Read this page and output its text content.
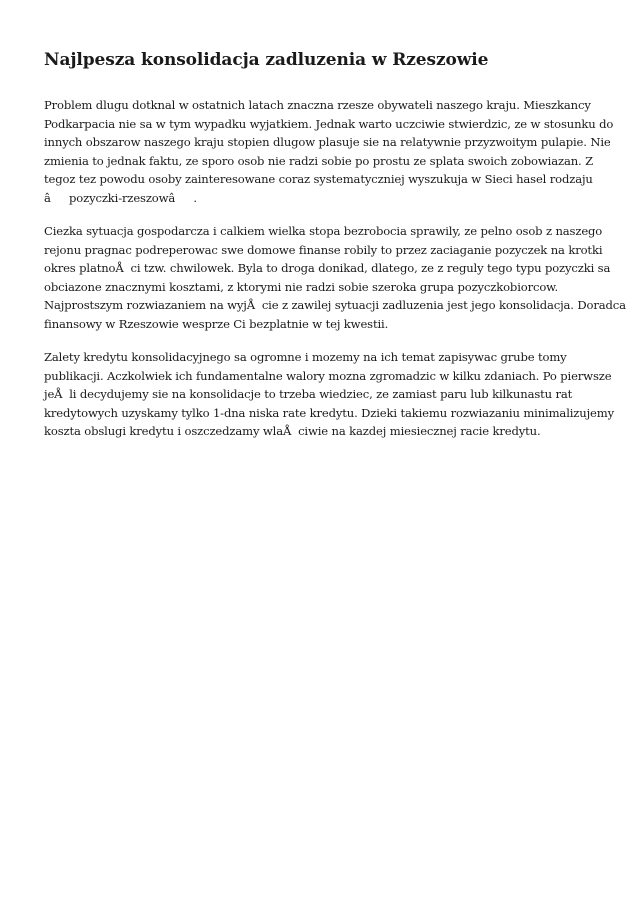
Najlpesza konsolidacja zadluzenia w Rzeszowie

Problem dlugu dotknal w ostatnich latach znaczna rzesze obywateli naszego kraju. Mieszkancy
Podkarpacia nie sa w tym wypadku wyjatkiem. Jednak warto uczciwie stwierdzic, ze w stosunku do
innych obszarow naszego kraju stopien dlugow plasuje sie na relatywnie przyzwoitym pulapie. Nie
zmienia to jednak faktu, ze sporo osob nie radzi sobie po prostu ze splata swoich zobowiazan. Z
tegoz tez powodu osoby zainteresowane coraz systematyczniej wyszukuja w Sieci hasel rodzaju
âpozyczki-rzeszowâ.

Ciezka sytuacja gospodarcza i calkiem wielka stopa bezrobocia sprawily, ze pelno osob z naszego
rejonu pragnac podreperowac swe domowe finanse robily to przez zaciaganie pozyczek na krotki
okres platnoÅci tzw. chwilowek. Byla to droga donikad, dlatego, ze z reguly tego typu pozyczki sa
obciazone znacznymi kosztami, z ktorymi nie radzi sobie szeroka grupa pozyczkobiorcow.
Najprostszym rozwiazaniem na wyjÅcie z zawilej sytuacji zadluzenia jest jego konsolidacja. Doradca
finansowy w Rzeszowie wesprze Ci bezplatnie w tej kwestii.

Zalety kredytu konsolidacyjnego sa ogromne i mozemy na ich temat zapisywac grube tomy
publikacji. Aczkolwiek ich fundamentalne walory mozna zgromadzic w kilku zdaniach. Po pierwsze
jeÅli decydujemy sie na konsolidacje to trzeba wiedziec, ze zamiast paru lub kilkunastu rat
kredytowych uzyskamy tylko 1-dna niska rate kredytu. Dzieki takiemu rozwiazaniu minimalizujemy
koszta obslugi kredytu i oszczedzamy wlaÅciwie na kazdej miesiecznej racie kredytu.
